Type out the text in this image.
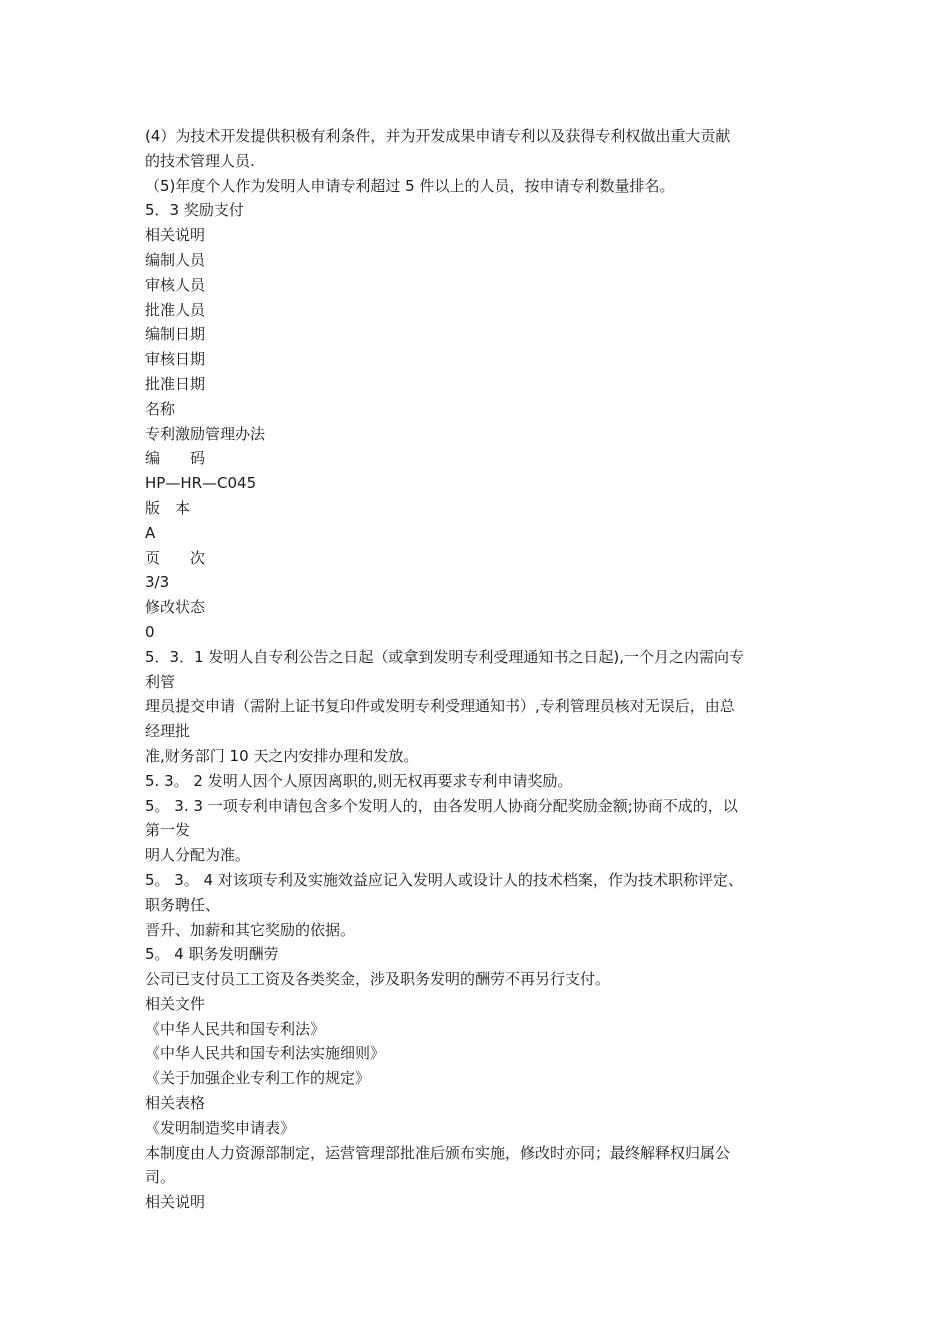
(4）为技术开发提供积极有利条件，并为开发成果申请专利以及获得专利权做出重大贡献
的技术管理人员.
（5)年度个人作为发明人申请专利超过 5 件以上的人员，按申请专利数量排名。
5．3 奖励支付
相关说明
编制人员
审核人员
批准人员
编制日期
审核日期
批准日期
名称
专利激励管理办法
编　　码
HP—HR—C045
版　本
A
页　　次
3/3
修改状态
0
5．3．1 发明人自专利公告之日起（或拿到发明专利受理通知书之日起),一个月之内需向专
利管
理员提交申请（需附上证书复印件或发明专利受理通知书）,专利管理员核对无误后，由总
经理批
准,财务部门 10 天之内安排办理和发放。
5. 3。 2 发明人因个人原因离职的,则无权再要求专利申请奖励。
5。 3. 3 一项专利申请包含多个发明人的，由各发明人协商分配奖励金额;协商不成的，以
第一发
明人分配为准。
5。 3。 4 对该项专利及实施效益应记入发明人或设计人的技术档案，作为技术职称评定、
职务聘任、
晋升、加薪和其它奖励的依据。
5。 4 职务发明酬劳
公司已支付员工工资及各类奖金，涉及职务发明的酬劳不再另行支付。
相关文件
《中华人民共和国专利法》
《中华人民共和国专利法实施细则》
《关于加强企业专利工作的规定》
相关表格
《发明制造奖申请表》
本制度由人力资源部制定，运营管理部批准后颁布实施，修改时亦同；最终解释权归属公
司。
相关说明
